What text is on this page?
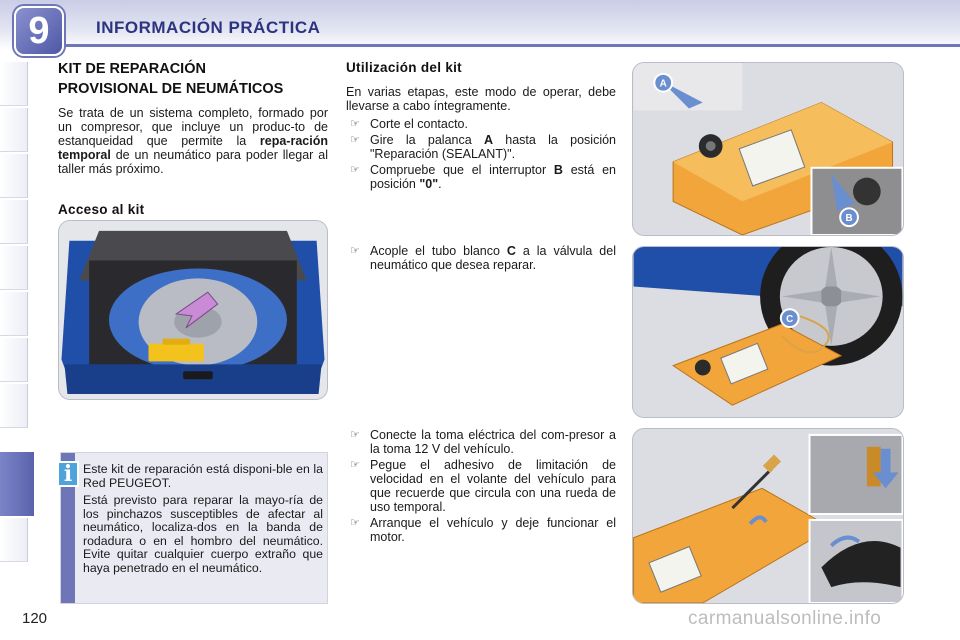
9	INFORMACIÓN PRÁCTICA
KIT DE REPARACIÓN
PROVISIONAL DE NEUMÁTICOS

Se trata de un sistema completo, formado por un compresor, que incluye un produc-to de estanqueidad que permite la repa-ración temporal de un neumático para poder llegar al taller más próximo.

Acceso al kit
i Este kit de reparación está disponi-ble en la Red PEUGEOT.

Está previsto para reparar la mayo-ría de los pinchazos susceptibles de afectar al neumático, localiza-dos en la banda de rodadura o en el hombro del neumático. Evite quitar cualquier cuerpo extraño que haya penetrado en el neumático.

Utilización del kit

En varias etapas, este modo de operar, debe llevarse a cabo íntegramente.

☞ Corte el contacto.
☞ Gire la palanca A hasta la posición "Reparación (SEALANT)".
☞ Compruebe que el interruptor B está en posición "0".
☞ Acople el tubo blanco C a la válvula del neumático que desea reparar.
☞ Conecte la toma eléctrica del com-presor a la toma 12 V del vehículo.
☞ Pegue el adhesivo de limitación de velocidad en el volante del vehículo para que recuerde que circula con una rueda de uso temporal.
☞ Arranque el vehículo y deje funcionar el motor.
A
B
C
120	carmanualsonline.info
